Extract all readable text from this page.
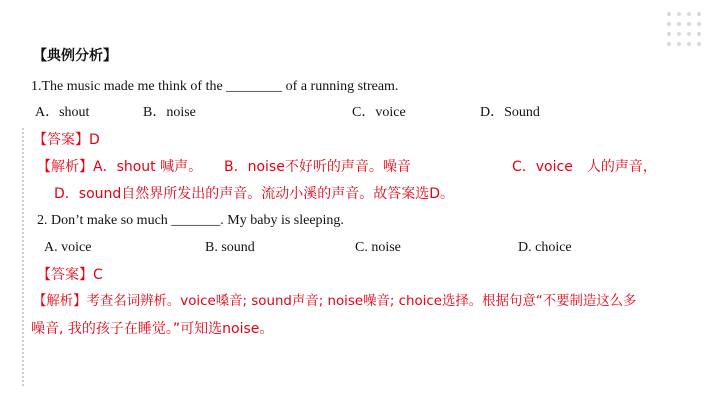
【典例分析】
1.The music made me think of the ________ of a running stream.
A．shout	B．noise	C．voice	D．Sound
【答案】D
【解析】A．shout 喊声。 B．noise不好听的声音。噪音	C．voice　人的声音，
D．sound自然界所发出的声音。流动小溪的声音。故答案选D。
2. Don’t make so much _______. My baby is sleeping.
A. voice	B. sound	C. noise	D. choice
【答案】C
【解析】考查名词辨析。voice嗓音; sound声音; noise噪音; choice选择。根据句意“不要制造这么多
噪音, 我的孩子在睡觉。”可知选noise。
